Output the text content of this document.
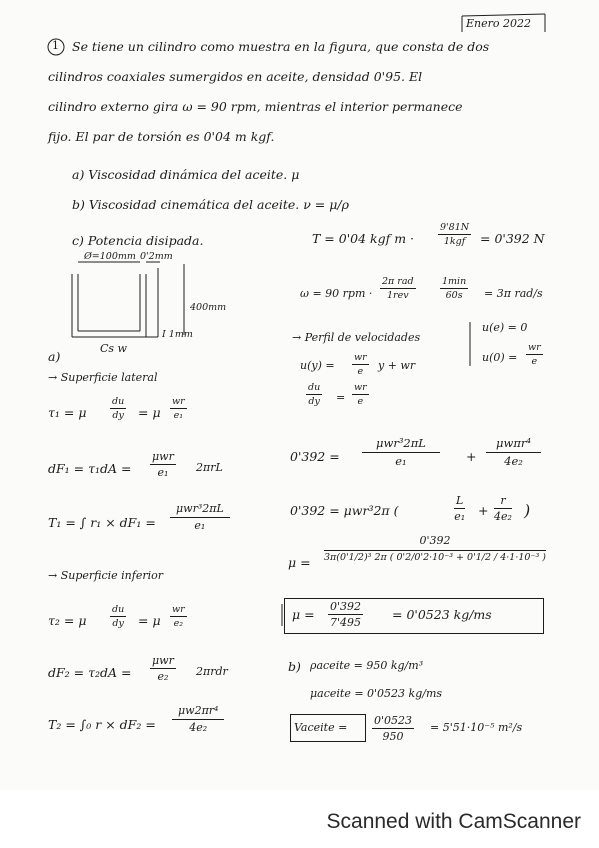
Enero 2022
1 Se tiene un cilindro como muestra en la figura, que consta de dos
cilindros coaxiales sumergidos en aceite, densidad 0'95. El
cilindro externo gira ω = 90 rpm, mientras el interior permanece
fijo. El par de torsión es 0'04 m kgf.
a) Viscosidad dinámica del aceite. μ
b) Viscosidad cinemática del aceite. ν = μ/ρ
c) Potencia disipada.
Ø=100mm 0'2mm
400mm
I 1mm
Cs w
T = 0'04 kgf m ·
9'81N
1kgf	= 0'392 N
ω = 90 rpm ·
2π rad
1rev
1min
60s	= 3π rad/s
→ Perfil de velocidades
$u(y) = \frac{wr}{e}$ y + wr
u(e) = 0
$u(0) = \frac{wr}{e}$
$\frac{du}{dy} = \frac{wr}{e}$
0'392 =
μwr³2πL
e₁	+
μwπr⁴
4e₂
0'392 = μwr³2π (	$\frac{L}{\text{e₁}} + \frac{r}{\text{4e₂}}$ )
$\mu = \frac{0'392}{\text{3π(0'1/2)³ 2π ( 0'2/0'2·10⁻³ + 0'1/2 / 4·1·10⁻³ )}}$
$\mu = \frac{0'392}{7'495} = 0'0523$ kg/ms
b) ρaceite = 950 kg/m³
μaceite = 0'0523 kg/ms
Vaceite = $\frac{0'0523}{950} = 5'51\cdot 10^{-5}$ m²/s
a)
→ Superficie lateral
τ₁ = μ $\frac{du}{dy} = \mu \frac{wr}{\text{e₁}}$
dF₁ = τ₁dA =
μwr
e₁	2πrL
T₁ = ∫ r₁ × dF₁ =
μwr³2πL
e₁
→ Superficie inferior
τ₂ = μ $\frac{du}{dy} = \mu \frac{wr}{\text{e₂}}$
dF₂ = τ₂dA =
μwr
e₂	2πrdr
T₂ = ∫₀ $r \times dF_2 = \frac{\text{μw2πr⁴}}{\text{4e₂}}$
Scanned with CamScanner
